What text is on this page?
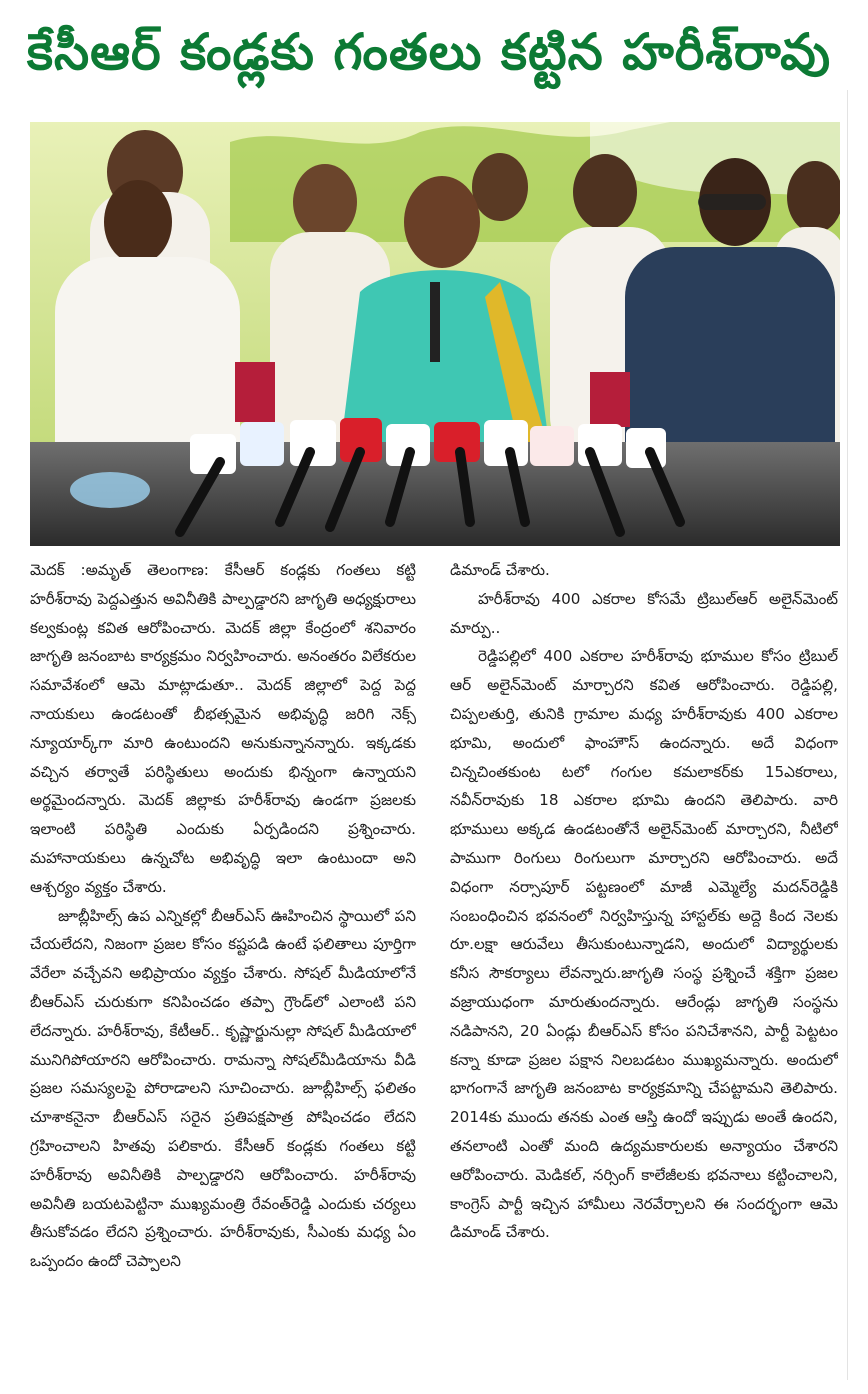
కేసీఆర్ కండ్లకు గంతలు కట్టిన హరీశ్‌రావు

మెదక్ :అమృత్ తెలంగాణ: కేసీఆర్ కండ్లకు గంతలు కట్టి హరీశ్‌రావు పెద్దఎత్తున అవినీతికి పాల్పడ్డారని జాగృతి అధ్యక్షురాలు కల్వకుంట్ల కవిత ఆరోపించారు. మెదక్ జిల్లా కేంద్రంలో శనివారం జాగృతి జనంబాట కార్యక్రమం నిర్వహించారు. అనంతరం విలేకరుల సమావేశంలో ఆమె మాట్లాడుతూ.. మెదక్ జిల్లాలో పెద్ద పెద్ద నాయకులు ఉండటంతో బీభత్సమైన అభివృద్ధి జరిగి నెక్స్ న్యూయార్క్‌గా మారి ఉంటుందని అనుకున్నానన్నారు. ఇక్కడకు వచ్చిన తర్వాతే పరిస్థితులు అందుకు భిన్నంగా ఉన్నాయని అర్థమైందన్నారు. మెదక్ జిల్లాకు హరీశ్‌రావు ఉండగా ప్రజలకు ఇలాంటి పరిస్థితి ఎందుకు ఏర్పడిందని ప్రశ్నించారు. మహానాయకులు ఉన్నచోట అభివృద్ధి ఇలా ఉంటుందా అని ఆశ్చర్యం వ్యక్తం చేశారు.

జూబ్లీహిల్స్ ఉప ఎన్నికల్లో బీఆర్ఎస్ ఊహించిన స్థాయిలో పని చేయలేదని, నిజంగా ప్రజల కోసం కష్టపడి ఉంటే ఫలితాలు పూర్తిగా వేరేలా వచ్చేవని అభిప్రాయం వ్యక్తం చేశారు. సోషల్ మీడియాలోనే బీఆర్ఎస్ చురుకుగా కనిపించడం తప్పా గ్రౌండ్‌లో ఎలాంటి పని లేదన్నారు. హరీశ్‌రావు, కేటీఆర్.. కృష్ణార్జునుల్లా సోషల్ మీడియాలో మునిగిపోయారని ఆరోపించారు. రామన్నా సోషల్‌మీడియాను వీడి ప్రజల సమస్యలపై పోరాడాలని సూచించారు. జూబ్లీహిల్స్ ఫలితం చూశాకనైనా బీఆర్ఎస్ సరైన ప్రతిపక్షపాత్ర పోషించడం లేదని గ్రహించాలని హితవు పలికారు. కేసీఆర్ కండ్లకు గంతలు కట్టి హరీశ్‌రావు అవినీతికి పాల్పడ్డారని ఆరోపించారు. హరీశ్‌రావు అవినీతి బయటపెట్టినా ముఖ్యమంత్రి రేవంత్‌రెడ్డి ఎందుకు చర్యలు తీసుకోవడం లేదని ప్రశ్నించారు. హరీశ్‌రావుకు, సీఎంకు మధ్య ఏం ఒప్పందం ఉందో చెప్పాలని

డిమాండ్ చేశారు.

హరీశ్‌రావు 400 ఎకరాల కోసమే ట్రిబుల్‌ఆర్ అలైన్‌మెంట్ మార్పు..

రెడ్డిపల్లిలో 400 ఎకరాల హరీశ్‌రావు భూముల కోసం ట్రిబుల్ ఆర్ అలైన్‌మెంట్ మార్చారని కవిత ఆరోపించారు. రెడ్డిపల్లి, చిప్పలతుర్తి, తునికి గ్రామాల మధ్య హరీశ్‌రావుకు 400 ఎకరాల భూమి, అందులో ఫాంహౌస్ ఉందన్నారు. అదే విధంగా చిన్నచింతకుంట టలో గంగుల కమలాకర్‌కు 15ఎకరాలు, నవీన్‌రావుకు 18 ఎకరాల భూమి ఉందని తెలిపారు. వారి భూములు అక్కడ ఉండటంతోనే అలైన్‌మెంట్ మార్చారని, నీటిలో పాముగా రింగులు రింగులుగా మార్చారని ఆరోపించారు. అదే విధంగా నర్సాపూర్ పట్టణంలో మాజీ ఎమ్మెల్యే మదన్‌రెడ్డికి సంబంధించిన భవనంలో నిర్వహిస్తున్న హాస్టల్‌కు అద్దె కింద నెలకు రూ.లక్షా ఆరువేలు తీసుకుంటున్నాడని, అందులో విద్యార్థులకు కనీస సౌకర్యాలు లేవన్నారు.జాగృతి సంస్థ ప్రశ్నించే శక్తిగా ప్రజల వజ్రాయుధంగా మారుతుందన్నారు. ఆరేండ్లు జాగృతి సంస్థను నడిపానని, 20 ఏండ్లు బీఆర్ఎస్ కోసం పనిచేశానని, పార్టీ పెట్టటం కన్నా కూడా ప్రజల పక్షాన నిలబడటం ముఖ్యమన్నారు. అందులో భాగంగానే జాగృతి జనంబాట కార్యక్రమాన్ని చేపట్టామని తెలిపారు. 2014కు ముందు తనకు ఎంత ఆస్తి ఉందో ఇప్పుడు అంతే ఉందని, తనలాంటి ఎంతో మంది ఉద్యమకారులకు అన్యాయం చేశారని ఆరోపించారు. మెడికల్, నర్సింగ్ కాలేజీలకు భవనాలు కట్టించాలని, కాంగ్రెస్ పార్టీ ఇచ్చిన హామీలు నెరవేర్చాలని ఈ సందర్భంగా ఆమె డిమాండ్ చేశారు.
